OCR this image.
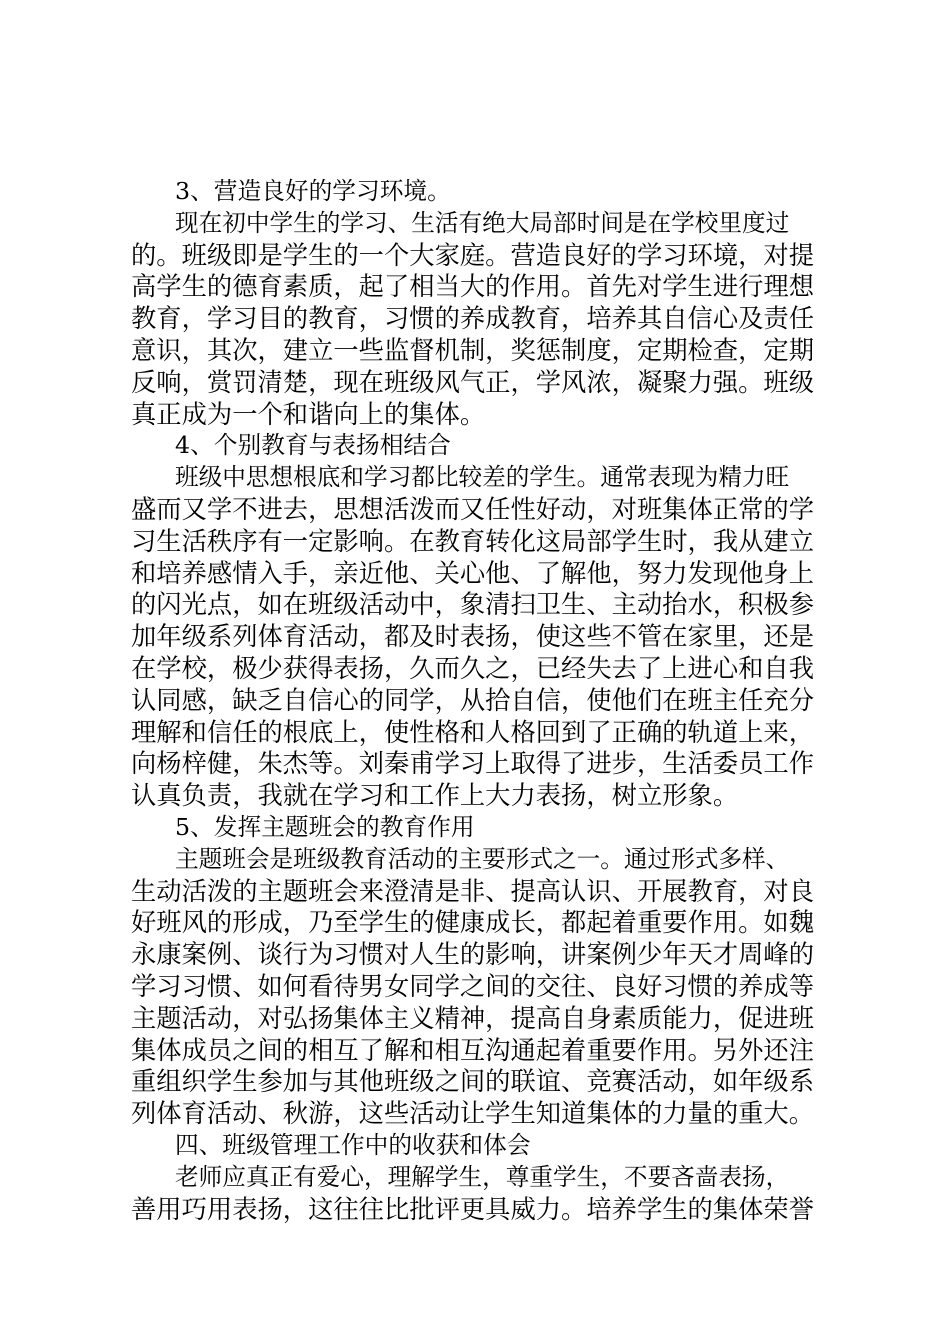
3、营造良好的学习环境。
现在初中学生的学习、生活有绝大局部时间是在学校里度过
的。班级即是学生的一个大家庭。营造良好的学习环境，对提
高学生的德育素质，起了相当大的作用。首先对学生进行理想
教育，学习目的教育，习惯的养成教育，培养其自信心及责任
意识，其次，建立一些监督机制，奖惩制度，定期检查，定期
反响，赏罚清楚，现在班级风气正，学风浓，凝聚力强。班级
真正成为一个和谐向上的集体。
4、个别教育与表扬相结合
班级中思想根底和学习都比较差的学生。通常表现为精力旺
盛而又学不进去，思想活泼而又任性好动，对班集体正常的学
习生活秩序有一定影响。在教育转化这局部学生时，我从建立
和培养感情入手，亲近他、关心他、了解他，努力发现他身上
的闪光点，如在班级活动中，象清扫卫生、主动抬水，积极参
加年级系列体育活动，都及时表扬，使这些不管在家里，还是
在学校，极少获得表扬，久而久之，已经失去了上进心和自我
认同感，缺乏自信心的同学，从拾自信，使他们在班主任充分
理解和信任的根底上，使性格和人格回到了正确的轨道上来，
向杨梓健，朱杰等。刘秦甫学习上取得了进步，生活委员工作
认真负责，我就在学习和工作上大力表扬，树立形象。
5、发挥主题班会的教育作用
主题班会是班级教育活动的主要形式之一。通过形式多样、
生动活泼的主题班会来澄清是非、提高认识、开展教育，对良
好班风的形成，乃至学生的健康成长，都起着重要作用。如魏
永康案例、谈行为习惯对人生的影响，讲案例少年天才周峰的
学习习惯、如何看待男女同学之间的交往、良好习惯的养成等
主题活动，对弘扬集体主义精神，提高自身素质能力，促进班
集体成员之间的相互了解和相互沟通起着重要作用。另外还注
重组织学生参加与其他班级之间的联谊、竞赛活动，如年级系
列体育活动、秋游，这些活动让学生知道集体的力量的重大。
四、班级管理工作中的收获和体会
老师应真正有爱心，理解学生，尊重学生，不要吝啬表扬，
善用巧用表扬，这往往比批评更具威力。培养学生的集体荣誉
